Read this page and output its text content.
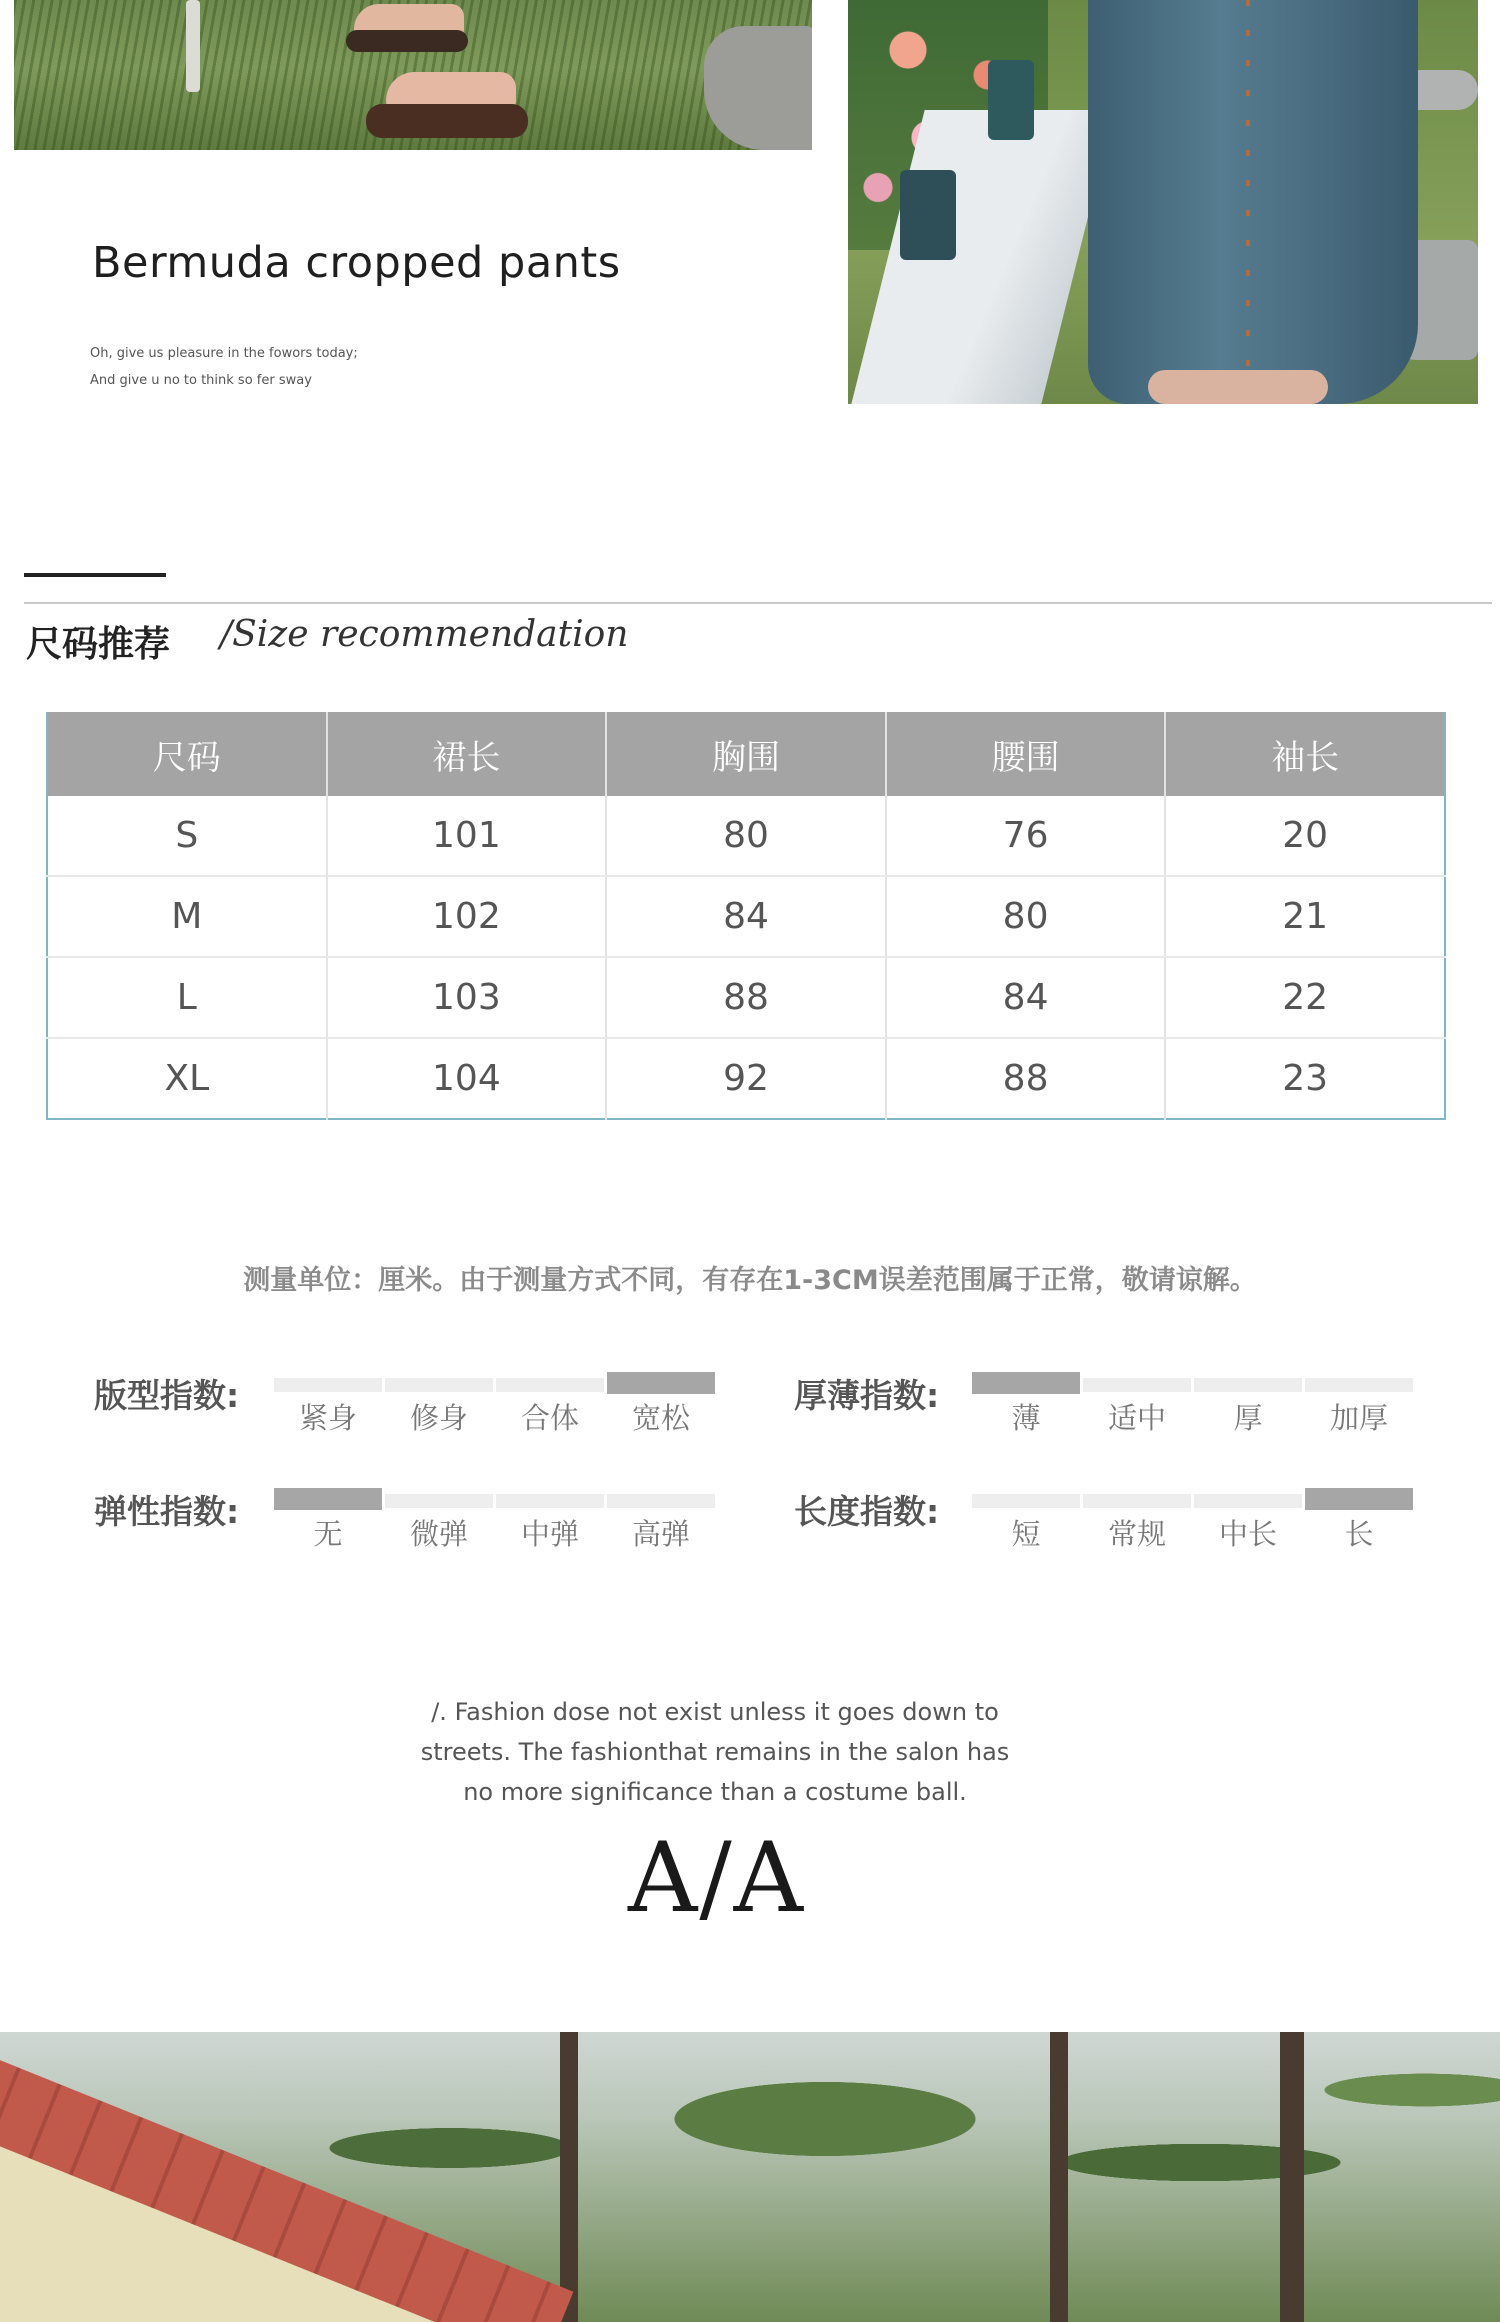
Bermuda cropped pants

Oh, give us pleasure in the fowors today;

And give u no to think so fer sway

尺码推荐 /Size recommendation
尺码	裙长	胸围	腰围	袖长
S	101	80	76	20
M	102	84	80	21
L	103	88	84	22
XL	104	92	88	23
测量单位：厘米。由于测量方式不同，有存在1-3CM误差范围属于正常，敬请谅解。
版型指数:
紧身	修身	合体	宽松
厚薄指数:
薄	适中	厚	加厚
弹性指数:
无	微弹	中弹	高弹
长度指数:
短	常规	中长	长

/. Fashion dose not exist unless it goes down to
streets. The fashionthat remains in the salon has
no more significance than a costume ball.

A/A
